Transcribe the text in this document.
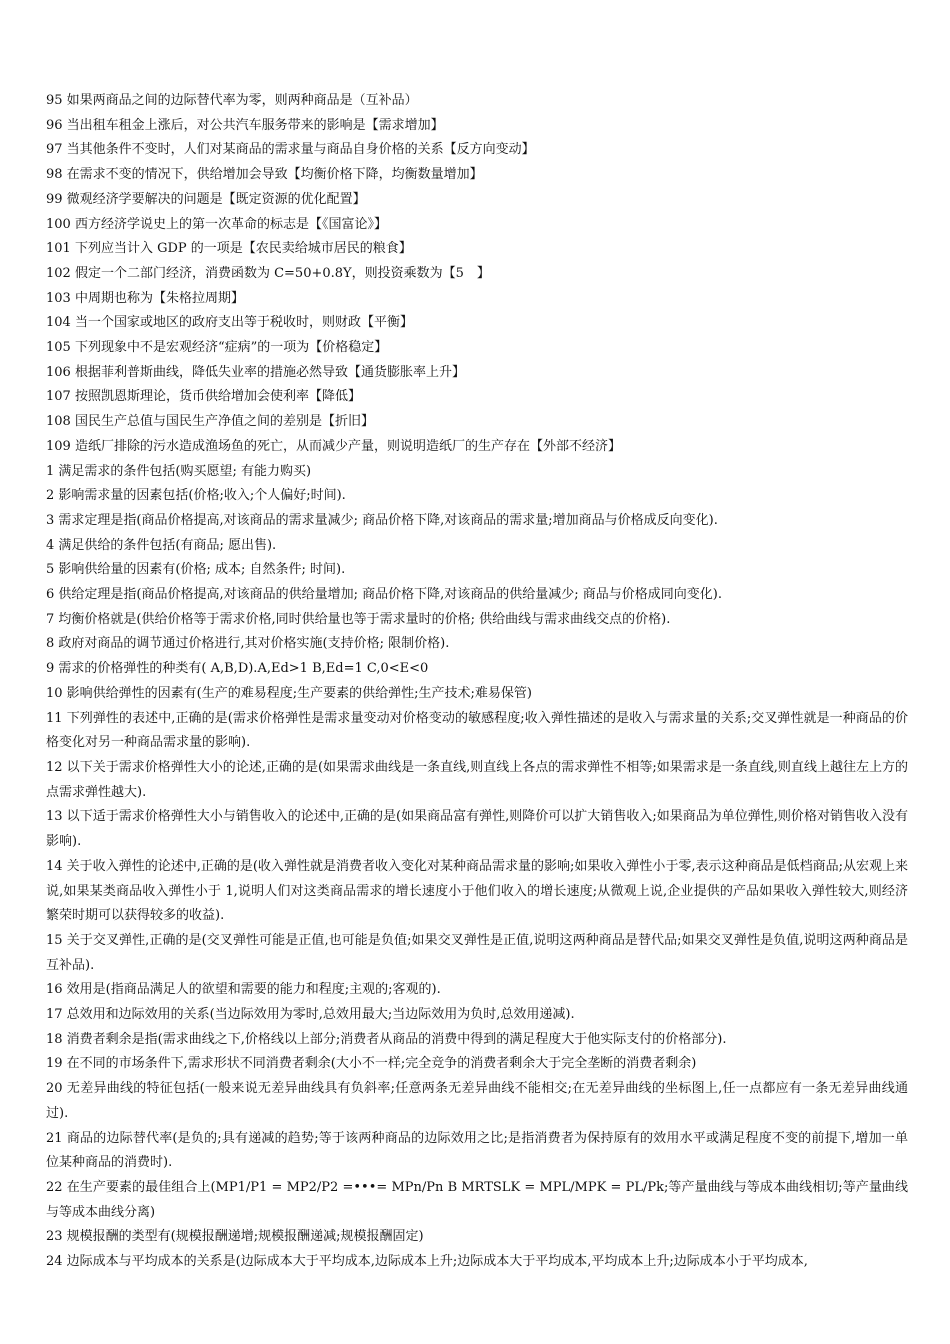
95 如果两商品之间的边际替代率为零，则两种商品是（互补品）

96 当出租车租金上涨后，对公共汽车服务带来的影响是【需求增加】

97 当其他条件不变时，人们对某商品的需求量与商品自身价格的关系【反方向变动】

98 在需求不变的情况下，供给增加会导致【均衡价格下降，均衡数量增加】

99 微观经济学要解决的问题是【既定资源的优化配置】

100 西方经济学说史上的第一次革命的标志是【《国富论》】

101 下列应当计入 GDP 的一项是【农民卖给城市居民的粮食】

102 假定一个二部门经济，消费函数为 C=50+0.8Y，则投资乘数为【5　】

103 中周期也称为【朱格拉周期】

104 当一个国家或地区的政府支出等于税收时，则财政【平衡】

105 下列现象中不是宏观经济“症病”的一项为【价格稳定】

106 根据菲利普斯曲线，降低失业率的措施必然导致【通货膨胀率上升】

107 按照凯恩斯理论，货币供给增加会使利率【降低】

108 国民生产总值与国民生产净值之间的差别是【折旧】

109 造纸厂排除的污水造成渔场鱼的死亡，从而减少产量，则说明造纸厂的生产存在【外部不经济】

1 满足需求的条件包括(购买愿望; 有能力购买)

2 影响需求量的因素包括(价格;收入;个人偏好;时间).

3 需求定理是指(商品价格提高,对该商品的需求量减少; 商品价格下降,对该商品的需求量;增加商品与价格成反向变化).

4 满足供给的条件包括(有商品; 愿出售).

5 影响供给量的因素有(价格; 成本; 自然条件; 时间).

6 供给定理是指(商品价格提高,对该商品的供给量增加; 商品价格下降,对该商品的供给量减少; 商品与价格成同向变化).

7 均衡价格就是(供给价格等于需求价格,同时供给量也等于需求量时的价格; 供给曲线与需求曲线交点的价格).

8 政府对商品的调节通过价格进行,其对价格实施(支持价格; 限制价格).

9 需求的价格弹性的种类有( A,B,D).A,Ed>1 B,Ed=1 C,0<E<0

10 影响供给弹性的因素有(生产的难易程度;生产要素的供给弹性;生产技术;难易保管)

11 下列弹性的表述中,正确的是(需求价格弹性是需求量变动对价格变动的敏感程度;收入弹性描述的是收入与需求量的关系;交叉弹性就是一种商品的价格变化对另一种商品需求量的影响).

12 以下关于需求价格弹性大小的论述,正确的是(如果需求曲线是一条直线,则直线上各点的需求弹性不相等;如果需求是一条直线,则直线上越往左上方的点需求弹性越大).

13 以下适于需求价格弹性大小与销售收入的论述中,正确的是(如果商品富有弹性,则降价可以扩大销售收入;如果商品为单位弹性,则价格对销售收入没有影响).

14 关于收入弹性的论述中,正确的是(收入弹性就是消费者收入变化对某种商品需求量的影响;如果收入弹性小于零,表示这种商品是低档商品;从宏观上来说,如果某类商品收入弹性小于 1,说明人们对这类商品需求的增长速度小于他们收入的增长速度;从微观上说,企业提供的产品如果收入弹性较大,则经济繁荣时期可以获得较多的收益).

15 关于交叉弹性,正确的是(交叉弹性可能是正值,也可能是负值;如果交叉弹性是正值,说明这两种商品是替代品;如果交叉弹性是负值,说明这两种商品是互补品).

16 效用是(指商品满足人的欲望和需要的能力和程度;主观的;客观的).

17 总效用和边际效用的关系(当边际效用为零时,总效用最大;当边际效用为负时,总效用递减).

18 消费者剩余是指(需求曲线之下,价格线以上部分;消费者从商品的消费中得到的满足程度大于他实际支付的价格部分).

19 在不同的市场条件下,需求形状不同消费者剩余(大小不一样;完全竞争的消费者剩余大于完全垄断的消费者剩余)

20 无差异曲线的特征包括(一般来说无差异曲线具有负斜率;任意两条无差异曲线不能相交;在无差异曲线的坐标图上,任一点都应有一条无差异曲线通过).

21 商品的边际替代率(是负的;具有递减的趋势;等于该两种商品的边际效用之比;是指消费者为保持原有的效用水平或满足程度不变的前提下,增加一单位某种商品的消费时).

22 在生产要素的最佳组合上(MP1/P1 = MP2/P2 =•••= MPn/Pn B MRTSLK = MPL/MPK = PL/Pk;等产量曲线与等成本曲线相切;等产量曲线与等成本曲线分离)

23 规模报酬的类型有(规模报酬递增;规模报酬递减;规模报酬固定)

24 边际成本与平均成本的关系是(边际成本大于平均成本,边际成本上升;边际成本大于平均成本,平均成本上升;边际成本小于平均成本,
